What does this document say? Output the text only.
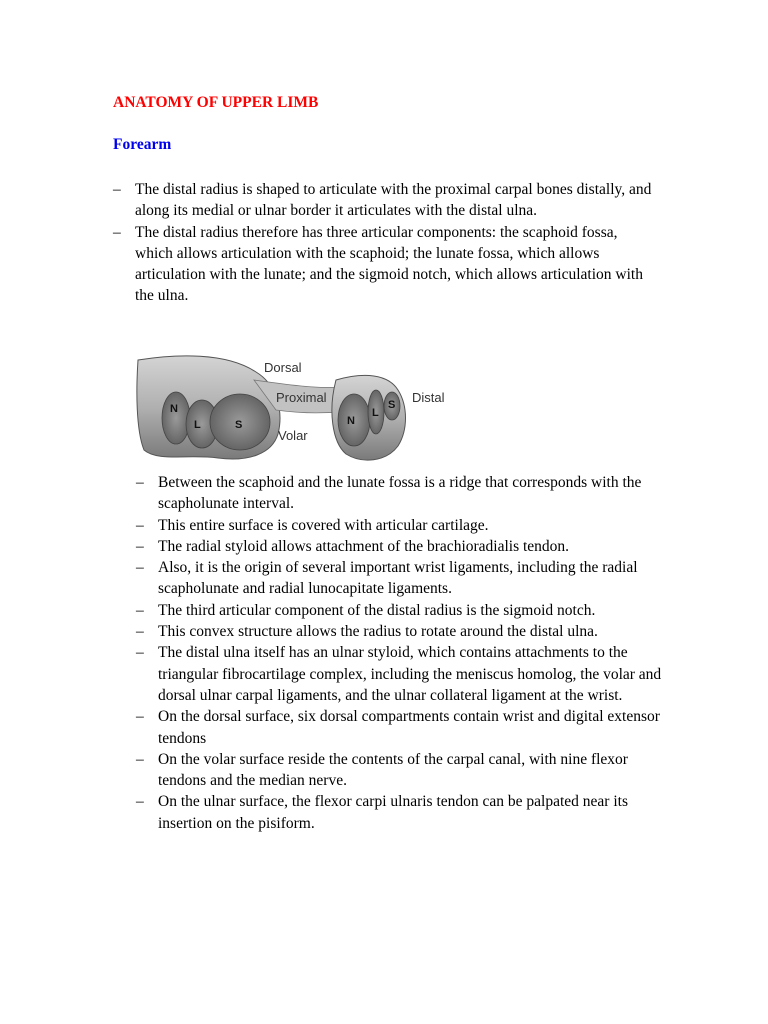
ANATOMY OF UPPER LIMB
Forearm
– The distal radius is shaped to articulate with the proximal carpal bones distally, and along its medial or ulnar border it articulates with the distal ulna.
– The distal radius therefore has three articular components: the scaphoid fossa, which allows articulation with the scaphoid; the lunate fossa, which allows articulation with the lunate; and the sigmoid notch, which allows articulation with the ulna.
Dorsal
Proximal	Distal
Volar
N
L	S	N
L
S
– Between the scaphoid and the lunate fossa is a ridge that corresponds with the scapholunate interval.
– This entire surface is covered with articular cartilage.
– The radial styloid allows attachment of the brachioradialis tendon.
– Also, it is the origin of several important wrist ligaments, including the radial scapholunate and radial lunocapitate ligaments.
– The third articular component of the distal radius is the sigmoid notch.
– This convex structure allows the radius to rotate around the distal ulna.
– The distal ulna itself has an ulnar styloid, which contains attachments to the triangular fibrocartilage complex, including the meniscus homolog, the volar and dorsal ulnar carpal ligaments, and the ulnar collateral ligament at the wrist.
– On the dorsal surface, six dorsal compartments contain wrist and digital extensor tendons
– On the volar surface reside the contents of the carpal canal, with nine flexor tendons and the median nerve.
– On the ulnar surface, the flexor carpi ulnaris tendon can be palpated near its insertion on the pisiform.
